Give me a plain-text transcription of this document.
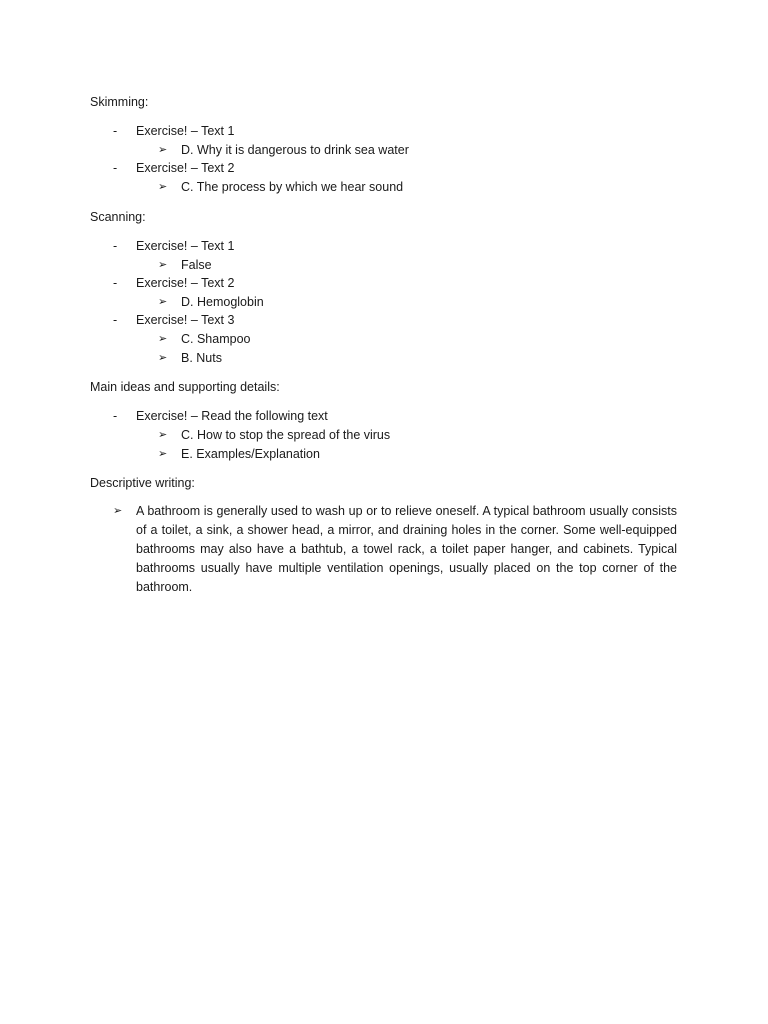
Skimming:
-	Exercise! – Text 1
➢	D. Why it is dangerous to drink sea water
-	Exercise! – Text 2
➢	C. The process by which we hear sound
Scanning:
-	Exercise! – Text 1
➢	False
-	Exercise! – Text 2
➢	D. Hemoglobin
-	Exercise! – Text 3
➢	C. Shampoo
➢	B. Nuts
Main ideas and supporting details:
-	Exercise! – Read the following text
➢	C. How to stop the spread of the virus
➢	E. Examples/Explanation
Descriptive writing:
➢	A bathroom is generally used to wash up or to relieve oneself. A typical bathroom usually consists of a toilet, a sink, a shower head, a mirror, and draining holes in the corner. Some well-equipped bathrooms may also have a bathtub, a towel rack, a toilet paper hanger, and cabinets. Typical bathrooms usually have multiple ventilation openings, usually placed on the top corner of the bathroom.
